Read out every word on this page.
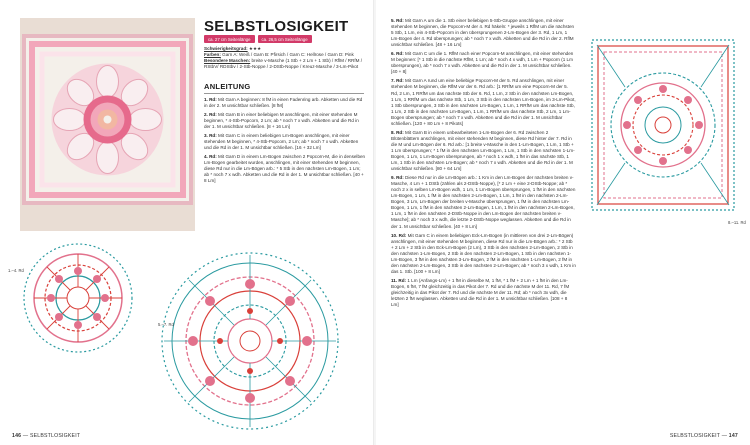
SELBSTLOSIGKEIT
ca. 27 cm Seitenlänge	ca. 26,5 cm Seitenlänge
Schwierigkeitsgrad: ★★★
Farben: Garn A: Weiß / Garn B: Pfirsich / Garn C: Hellrose / Garn D: Pink
Besondere Maschen: breite v-Masche (1 Stb + 2 Lm + 1 Stb) / RflM / RRfM / RStbV/ RDStbv / 2-Stb-Noppe / 2-DStb-Noppe / Kreuz-Masche / 3-Lm-Pikot
ANLEITUNG

1. Rd: Mit Garn A beginnen: 8 fM in einen Fadenring arb. Abketten und die Rd in der 2. M unsichtbar schließen. [8 fM]

2. Rd: Mit Garn B in einer beliebigen M anschlingen, mit einer stehenden M beginnen, * 4-Stb-Popcorn, 2 Lm; ab * noch 7 x wdh. Abketten und die Rd in der 1. M unsichtbar schließen. [8 + 16 Lm]

3. Rd: Mit Garn C in einem beliebigen Lm-Bogen anschlingen, mit einer stehenden M beginnen, * 4-Stb-Popcorn, 2 Lm; ab * noch 7 x wdh. Abketten und die Rd in der 1. M unsichtbar schließen. [16 + 32 Lm]

4. Rd: Mit Garn D in einem Lm-Bogen zwischen 2 Popcorn-M, die in denselben Lm-Bogen gearbeitet wurden, anschlingen, mit einer stehenden M beginnen, diese Rd nur in die Lm-Bögen arb.: * 5 Stb in den nächsten Lm-Bogen, 1 Lm; ab * noch 7 x wdh. Abketten und die Rd in der 1. M unsichtbar schließen. [40 + 8 Lm]

1.–4. Rd
5.–7. Rd
146 — SELBSTLOSIGKEIT	SELBSTLOSIGKEIT — 147

5. Rd: Mit Garn A um die 1. Stb einer beliebigen 5-Stb-Gruppe anschlingen, mit einer stehenden M beginnen, die Popcorn-M der 4. Rd häkeln: * jeweils 1 RflM um die nächsten 5 Stb, 1 Lm, ein 4-Stb-Popcorn in den übersprungenen 2-Lm-Bogen der 3. Rd, 1 Lm, 1 Lm-Bogen der 4. Rd übersprungen; ab * noch 7 x wdh. Abketten und die Rd in der 2. RflM unsichtbar schließen. [48 + 16 Lm]

6. Rd: Mit Garn C um die 1. RflM nach einer Popcorn-M anschlingen, mit einer stehenden M beginnen: [* 1 Stb in die nächste RflM, 1 Lm; ab * noch 4 x wdh, 1 Lm + Popcorn (1 Lm übersprungen), ab * noch 7 x wdh. Abketten und die Rd in der 1. M unsichtbar schließen. [40 + 8]

7. Rd: Mit Garn A rund um eine beliebige Popcorn-M der 5. Rd anschlingen, mit einer stehenden M beginnen, die RflM vor der 6. Rd arb.: [1 RRfM um eine Popcorn-M der 5. Rd, 2 Lm, 1 RRfM um das nächste Stb der 6. Rd, 1 Lm, 2 Stb in den nächsten Lm-Bogen, 1 Lm, 1 RRfM um das nächste Stb, 1 Lm, 3 Stb in den nächsten Lm-Bogen, im 3-Lm-Pikot, 1 Stb übersprungen, 3 Stb in den nächsten Lm-Bogen, 1 Lm, 1 RRfM um das nächste Stb, 1 Lm, 2 Stb in den nächsten Lm-Bogen, 1 Lm, 1 RRfM um das nächste Stb, 2 Lm, 1 Lm-Bogen übersprungen; ab * noch 7 x wdh. Abketten und die Rd in der 1. M unsichtbar schließen. [120 + 80 Lm + 8 Pikots]

8. Rd: Mit Garn B in einem unbearbeiteten 1-Lm-Bogen der 6. Rd zwischen 2 Blütenblättern anschlingen, mit einer stehenden M beginnen, diese Rd hinter der 7. Rd in die M und Lm-Bögen der 6. Rd arb.: [1 breite v-Masche in den 1-Lm-Bogen, 1 Lm, 1 Stb + 1 Lm übersprungen; * 1 fM in den nächsten Lm-Bogen, 1 Lm, 1 Stb in den nächsten 1-Lm-Bogen, 1 Lm, 1 Lm-Bogen übersprungen, ab * noch 1 x wdh, 1 fM in das nächste Stb, 1 Lm, 1 Stb in den nächsten Lm-Bogen; ab * noch 7 x wdh. Abketten und die Rd in der 1. M unsichtbar schließen. [80 + 64 Lm]

9. Rd: Diese Rd nur in die Lm-Bögen arb.: 1 Km in den Lm-Bogen der nächsten breiten v-Masche, 4 Lm + 1 DStb (zählen als 2-DStb-Noppe), [* 2 Lm + eine 2-DStb-Noppe; ab * noch 2 x in selben Lm-Bogen wdh, 1 Lm, 1 Lm-Bogen übersprungen, 1 fM in den nächsten Lm-Bogen, 1 Lm, 1 fM in den nächsten 2-Lm-Bogen, 1 Lm, 1 fM in den nächsten 2-Lm-Bogen, 3 Lm, Lm-Bogen der breiten v-Masche übersprungen, 1 fM in den nächsten Lm-Bogen, 1 Lm, 1 fM in den nächsten 2-Lm-Bogen, 1 Lm, 1 fM in den nächsten 2-Lm-Bogen, 1 Lm, 1 fM in den nächsten 2-DStb-Noppe in den Lm-Bogen der nächsten breiten v-Masche]; ab * noch 3 x wdh, die letzte 2-DStb-Noppe weglassen. Abketten und die Rd in der 1. M unsichtbar schließen. [40 + 8 Lm]

10. Rd: Mit Garn C in einem beliebigen Eck-Lm-Bogen (in mittleren von drei 2-Lm-Bögen) anschlingen, mit einer stehenden M beginnen, diese Rd nur in die Lm-Bögen arb.: * 2 Stb + 2 Lm + 2 Stb in den Eck-Lm-Bogen (2 Lm), 3 Stb in den nächsten 2-Lm-Bogen, 2 Stb in den nächsten 1-Lm-Bogen, 2 Stb in den nächsten 2-Lm-Bogen, 1 Stb in den nächsten 1-Lm-Bogen, 3 fM in den nächsten 3-Lm-Bogen, 2 fM in den nächsten 1-Lm-Bogen, 2 fM in den nächsten 2-Lm-Bogen, 3 Stb in den nächsten 2-Lm-Bogen; ab * noch 3 x wdh, 1 Km in das 1. Stb. [100 + 8 Lm]

11. Rd: 1 Lm (Anfangs-Lm) + 1 fM in dieselbe M, 1 fM, * 1 fM + 2 Lm + 1 fM in den Lm-Bogen, 6 fM, 7 fM gleichzeitig in das Pikot der 7. Rd und die nächste M der 11. Rd, 7 fM gleichzeitig in das Pikot der 7. Rd und die nächste M der 11. Rd; ab * noch 3x wdh, die letzten 2 fM weglassen. Abketten und die Rd in der 1. M unsichtbar schließen. [108 + 8 Lm]

8.–11. Rd
